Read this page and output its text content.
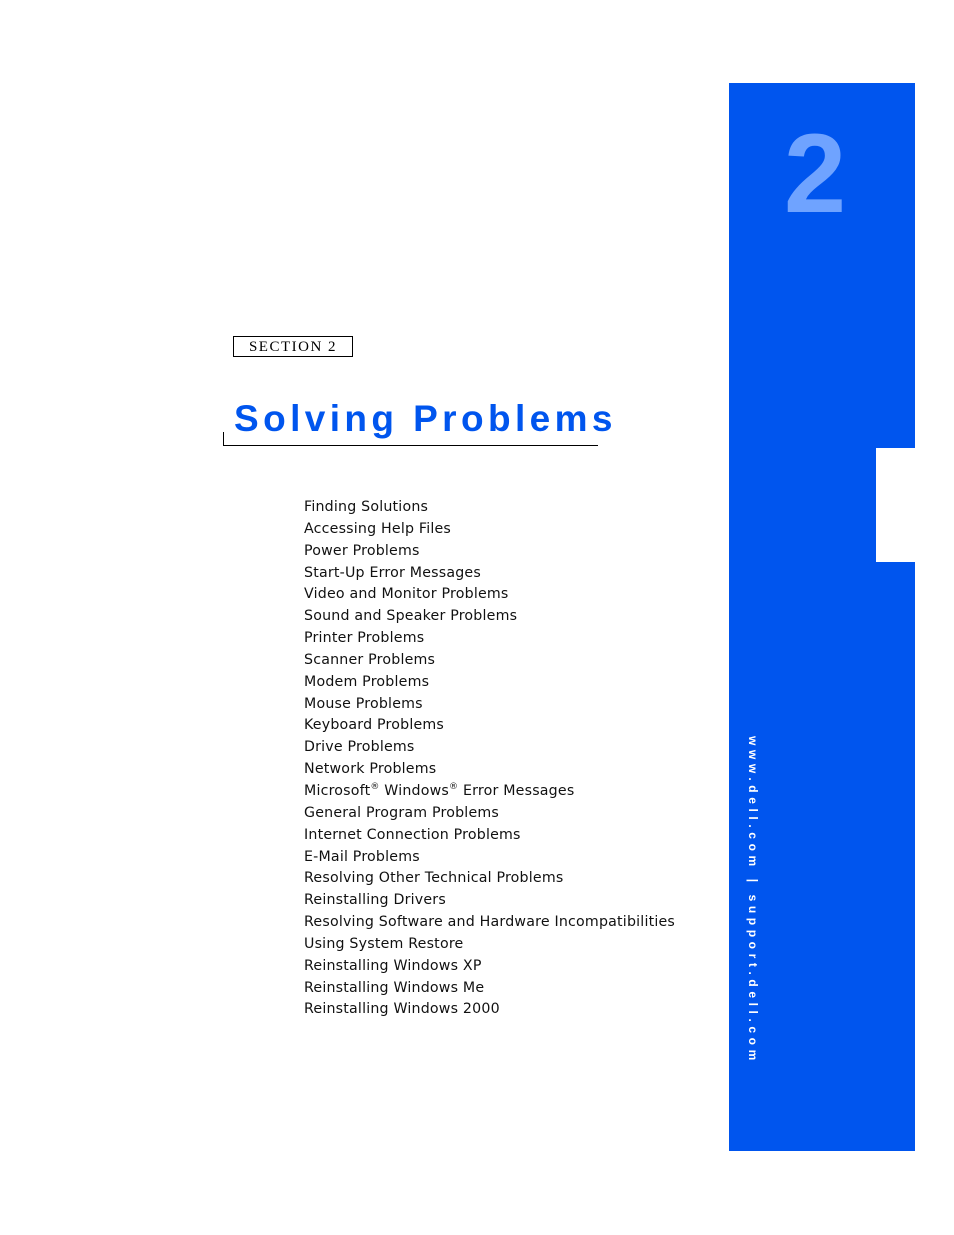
2
www.dell.com | support.dell.com
SECTION 2
Solving Problems
Finding Solutions
Accessing Help Files
Power Problems
Start-Up Error Messages
Video and Monitor Problems
Sound and Speaker Problems
Printer Problems
Scanner Problems
Modem Problems
Mouse Problems
Keyboard Problems
Drive Problems
Network Problems
Microsoft® Windows® Error Messages
General Program Problems
Internet Connection Problems
E-Mail Problems
Resolving Other Technical Problems
Reinstalling Drivers
Resolving Software and Hardware Incompatibilities
Using System Restore
Reinstalling Windows XP
Reinstalling Windows Me
Reinstalling Windows 2000
